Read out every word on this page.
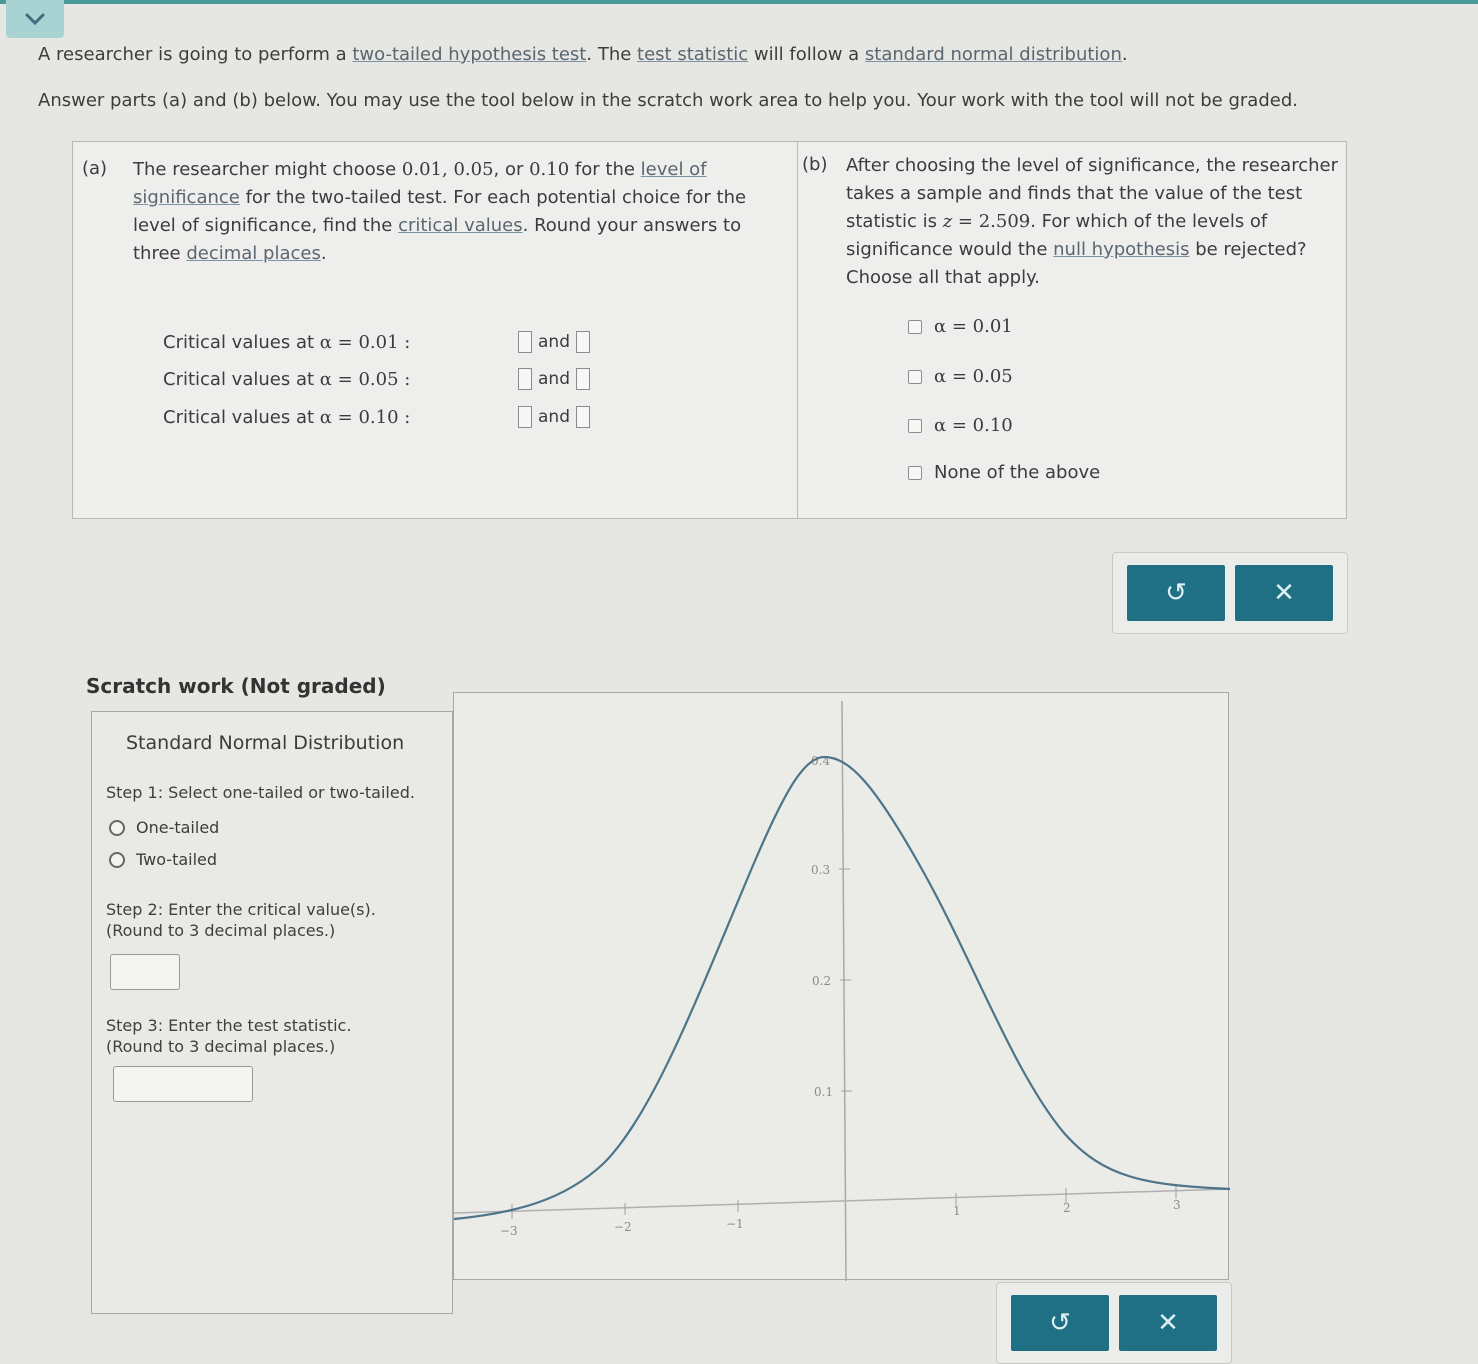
A researcher is going to perform a two-tailed hypothesis test. The test statistic will follow a standard normal distribution.
Answer parts (a) and (b) below. You may use the tool below in the scratch work area to help you. Your work with the tool will not be graded.
(a) The researcher might choose 0.01, 0.05, or 0.10 for the level of significance for the two-tailed test. For each potential choice for the level of significance, find the critical values. Round your answers to three decimal places.
Critical values at α = 0.01 :	and
Critical values at α = 0.05 :	and
Critical values at α = 0.10 :	and
(b) After choosing the level of significance, the researcher takes a sample and finds that the value of the test statistic is z = 2.509. For which of the levels of significance would the null hypothesis be rejected? Choose all that apply.
α = 0.01
α = 0.05
α = 0.10
None of the above
↺	✕
Scratch work (Not graded)
Standard Normal Distribution
Step 1: Select one-tailed or two-tailed.
One-tailed
Two-tailed
Step 2: Enter the critical value(s).
(Round to 3 decimal places.)
Step 3: Enter the test statistic.
(Round to 3 decimal places.)
0.4
0.3
0.2
0.1
−3	−2	−1
1	2	3
↺	✕
